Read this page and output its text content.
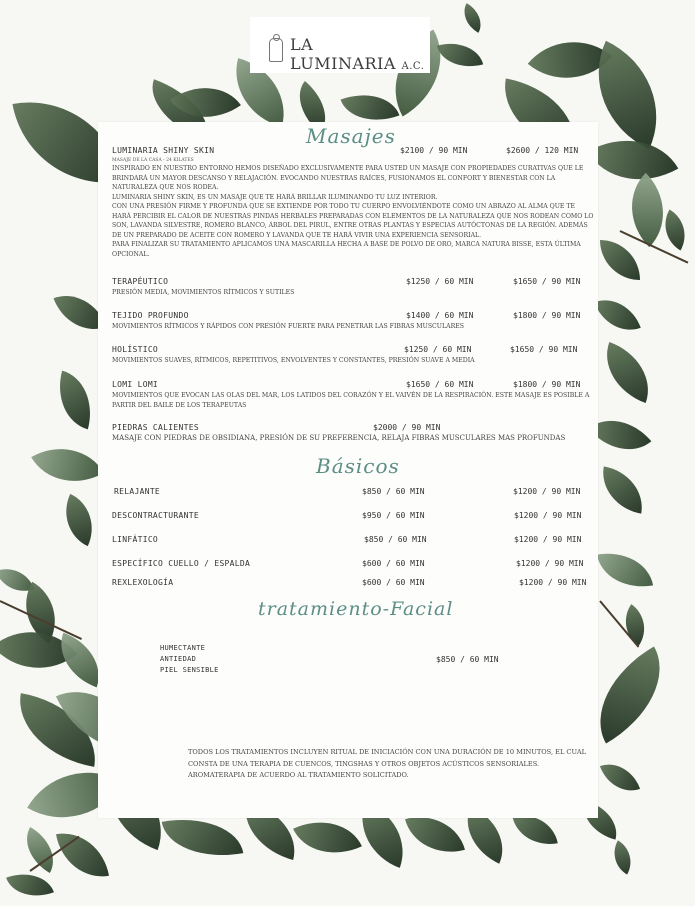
LA
LUMINARIA A.C.
Masajes
LUMINARIA SHINY SKIN	$2100 / 90 MIN	$2600 / 120 MIN
MASAJE DE LA CASA - 24 KILATES
INSPIRADO EN NUESTRO ENTORNO HEMOS DISEÑADO EXCLUSIVAMENTE PARA USTED UN MASAJE CON PROPIEDADES CURATIVAS QUE LE BRINDARÁ UN MAYOR DESCANSO Y RELAJACIÓN. EVOCANDO NUESTRAS RAÍCES, FUSIONAMOS EL CONFORT Y BIENESTAR CON LA NATURALEZA QUE NOS RODEA.
LUMINARIA SHINY SKIN, ES UN MASAJE QUE TE HARÁ BRILLAR ILUMINANDO TU LUZ INTERIOR.
CON UNA PRESIÓN FIRME Y PROFUNDA QUE SE EXTIENDE POR TODO TU CUERPO ENVOLVIÉNDOTE COMO UN ABRAZO AL ALMA QUE TE HARÁ PERCIBIR EL CALOR DE NUESTRAS PINDAS HERBALES PREPARADAS CON ELEMENTOS DE LA NATURALEZA QUE NOS RODEAN COMO LO SON, LAVANDA SILVESTRE, ROMERO BLANCO, ÁRBOL DEL PIRUL, ENTRE OTRAS PLANTAS Y ESPECIAS AUTÓCTONAS DE LA REGIÓN. ADEMÁS DE UN PREPARADO DE ACEITE CON ROMERO Y LAVANDA QUE TE HARÁ VIVIR UNA EXPERIENCIA SENSORIAL.
PARA FINALIZAR SU TRATAMIENTO APLICAMOS UNA MASCARILLA HECHA A BASE DE POLVO DE ORO, MARCA NATURA BISSE, ESTA ÚLTIMA OPCIONAL.
TERAPÉUTICO	$1250 / 60 MIN	$1650 / 90 MIN
PRESIÓN MEDIA, MOVIMIENTOS RÍTMICOS Y SUTILES
TEJIDO PROFUNDO	$1400 / 60 MIN	$1800 / 90 MIN
MOVIMIENTOS RÍTMICOS Y RÁPIDOS CON PRESIÓN FUERTE PARA PENETRAR LAS FIBRAS MUSCULARES
HOLÍSTICO	$1250 / 60 MIN	$1650 / 90 MIN
MOVIMIENTOS SUAVES, RÍTMICOS, REPETITIVOS, ENVOLVENTES Y CONSTANTES, PRESIÓN SUAVE A MEDIA
LOMI LOMI	$1650 / 60 MIN	$1800 / 90 MIN
MOVIMIENTOS QUE EVOCAN LAS OLAS DEL MAR, LOS LATIDOS DEL CORAZÓN Y EL VAIVÉN DE LA RESPIRACIÓN. ESTE MASAJE ES POSIBLE A PARTIR DEL BAILE DE LOS TERAPEUTAS
PIEDRAS CALIENTES	$2000 / 90 MIN
MASAJE CON PIEDRAS DE OBSIDIANA, PRESIÓN DE SU PREFERENCIA, RELAJA FIBRAS MUSCULARES MAS PROFUNDAS
Básicos
RELAJANTE	$850 / 60 MIN	$1200 / 90 MIN
DESCONTRACTURANTE	$950 / 60 MIN	$1200 / 90 MIN
LINFÁTICO	$850 / 60 MIN	$1200 / 90 MIN
ESPECÍFICO CUELLO / ESPALDA	$600 / 60 MIN	$1200 / 90 MIN
REXLEXOLOGÍA	$600 / 60 MIN	$1200 / 90 MIN
tratamiento-Facial
HUMECTANTE
ANTIEDAD
PIEL SENSIBLE
$850 / 60 MIN
TODOS LOS TRATAMIENTOS INCLUYEN RITUAL DE INICIACIÓN CON UNA DURACIÓN DE 10 MINUTOS, EL CUAL CONSTA DE UNA TERAPIA DE CUENCOS, TINGSHAS Y OTROS OBJETOS ACÚSTICOS SENSORIALES. AROMATERAPIA DE ACUERDO AL TRATAMIENTO SOLICITADO.
